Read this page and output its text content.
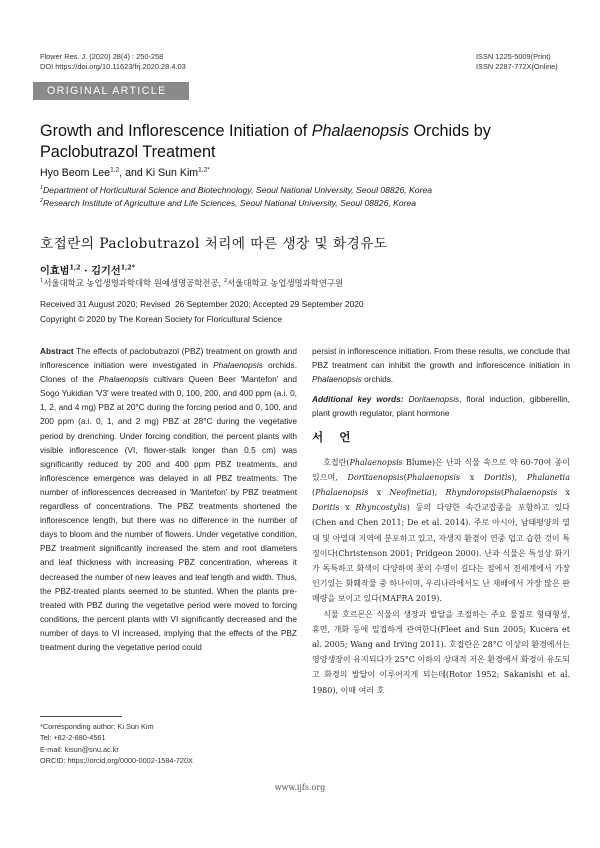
Flower Res. J. (2020) 28(4) : 250-258
DOI https://doi.org/10.11623/frj.2020.28.4.03
ISSN 1225-5009(Print)
ISSN 2287-772X(Online)
ORIGINAL ARTICLE
Growth and Inflorescence Initiation of Phalaenopsis Orchids by Paclobutrazol Treatment
Hyo Beom Lee$^{1,2}$, and Ki Sun Kim$^{1,2*}$
$^1$Department of Horticultural Science and Biotechnology, Seoul National University, Seoul 08826, Korea
$^2$Research Institute of Agriculture and Life Sciences, Seoul National University, Seoul 08826, Korea
호접란의 Paclobutrazol 처리에 따른 생장 및 화경유도
이효범$^{1,2}$ · 김기선$^{1,2*}$
$^1$서울대학교 농업생명과학대학 원예생명공학전공, $^2$서울대학교 농업생명과학연구원
Received 31 August 2020; Revised  26 September 2020; Accepted 29 September 2020
Copyright © 2020 by The Korean Society for Floricultural Science
Abstract The effects of paclobutrazol (PBZ) treatment on growth and inflorescence initiation were investigated in Phalaenopsis orchids. Clones of the Phalaenopsis cultivars Queen Beer 'Mantefon' and Sogo Yukidian 'V3' were treated with 0, 100, 200, and 400 ppm (a.i. 0, 1, 2, and 4 mg) PBZ at 20°C during the forcing period and 0, 100, and 200 ppm (a.i. 0, 1, and 2 mg) PBZ at 28°C during the vegetative period by drenching. Under forcing condition, the percent plants with visible inflorescence (VI, flower-stalk longer than 0.5 cm) was significantly reduced by 200 and 400 ppm PBZ treatments, and inflorescence emergence was delayed in all PBZ treatments. The number of inflorescences decreased in 'Mantefon' by PBZ treatment regardless of concentrations. The PBZ treatments shortened the inflorescence length, but there was no difference in the number of days to bloom and the number of flowers. Under vegetative condition, PBZ treatment significantly increased the stem and root diameters and leaf thickness with increasing PBZ concentration, whereas it decreased the number of new leaves and leaf length and width. Thus, the PBZ-treated plants seemed to be stunted. When the plants pre-treated with PBZ during the vegetative period were moved to forcing conditions, the percent plants with VI significantly decreased and the number of days to VI increased, implying that the effects of the PBZ treatment during the vegetative period could

persist in inflorescence initiation. From these results, we conclude that PBZ treatment can inhibit the growth and inflorescence initiation in Phalaenopsis orchids.

Additional key words: Doritaenopsis, floral induction, gibberellin, plant growth regulator, plant hormone

서 언

호접란(Phalaenopsis Blume)은 난과 식물 속으로 약 60-70여 종이 있으며, Doritaenopsis(Phalaenopsis x Doritis), Phalanetia (Phalaenopsis x Neofinetia), Rhyndoropsis(Phalaenopsis x Doritis x Rhyncostylis) 등의 다양한 속간교잡종을 포함하고 있다(Chen and Chen 2011; De et al. 2014). 주로 아시아, 남태평양의 열대 및 아열대 지역에 분포하고 있고, 자생지 환경이 연중 덥고 습한 것이 특징이다(Christenson 2001; Pridgeon 2000). 난과 식물은 특성상 화기가 독특하고 화색이 다양하며 꽃의 수명이 길다는 점에서 전세계에서 가장 인기있는 화훼작물 중 하나이며, 우리나라에서도 난 재배에서 가장 많은 판매량을 보이고 있다(MAFRA 2019).

식물 호르몬은 식물의 생장과 발달을 조절하는 주요 물질로 형태형성, 휴면, 개화 등에 밀접하게 관여한다(Fleet and Sun 2005; Kucera et al. 2005; Wang and Irving 2011). 호접란은 28°C 이상의 환경에서는 영양생장이 유지되다가 25°C 이하의 상대적 저온 환경에서 화경이 유도되고 화경의 발달이 이루어지게 되는데(Rotor 1952; Sakanishi et al. 1980), 이때 여러 호

*Corresponding author: Ki Sun Kim
Tel: +82-2-880-4561
E-mail: kisun@snu.ac.kr
ORCID: https://orcid.org/0000-0002-1584-720X
www.ijfs.org
